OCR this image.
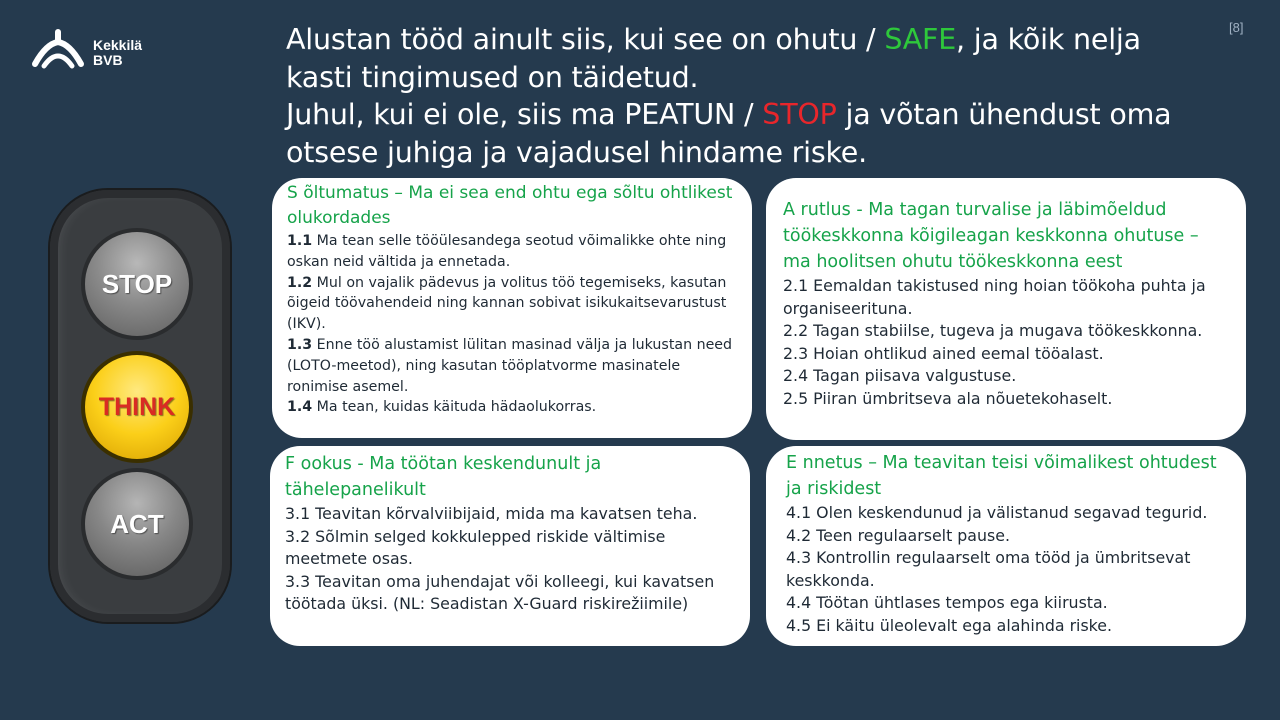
Kekkilä
BVB
[8]

Alustan tööd ainult siis, kui see on ohutu / SAFE, ja kõik nelja

kasti tingimused on täidetud.

Juhul, kui ei ole, siis ma PEATUN / STOP ja võtan ühendust oma

otsese juhiga ja vajadusel hindame riske.

STOP
THINK
ACT

S õltumatus – Ma ei sea end ohtu ega sõltu ohtlikest olukordades

1.1 Ma tean selle tööülesandega seotud võimalikke ohte ning oskan neid vältida ja ennetada.

1.2 Mul on vajalik pädevus ja volitus töö tegemiseks, kasutan õigeid töövahendeid ning kannan sobivat isikukaitsevarustust (IKV).

1.3 Enne töö alustamist lülitan masinad välja ja lukustan need (LOTO-meetod), ning kasutan tööplatvorme masinatele ronimise asemel.

1.4 Ma tean, kuidas käituda hädaolukorras.

A rutlus - Ma tagan turvalise ja läbimõeldud

töökeskkonna kõigileagan keskkonna ohutuse –

ma hoolitsen ohutu töökeskkonna eest

2.1 Eemaldan takistused ning hoian töökoha puhta ja organiseerituna.

2.2 Tagan stabiilse, tugeva ja mugava töökeskkonna.

2.3 Hoian ohtlikud ained eemal tööalast.

2.4 Tagan piisava valgustuse.

2.5 Piiran ümbritseva ala nõuetekohaselt.

F ookus - Ma töötan keskendunult ja tähelepanelikult

3.1 Teavitan kõrvalviibijaid, mida ma kavatsen teha.

3.2 Sõlmin selged kokkulepped riskide vältimise meetmete osas.

3.3 Teavitan oma juhendajat või kolleegi, kui kavatsen töötada üksi. (NL: Seadistan X-Guard riskirežiimile)

E nnetus – Ma teavitan teisi võimalikest ohtudest ja riskidest

4.1 Olen keskendunud ja välistanud segavad tegurid.

4.2 Teen regulaarselt pause.

4.3 Kontrollin regulaarselt oma tööd ja ümbritsevat keskkonda.

4.4 Töötan ühtlases tempos ega kiirusta.

4.5 Ei käitu üleolevalt ega alahinda riske.
